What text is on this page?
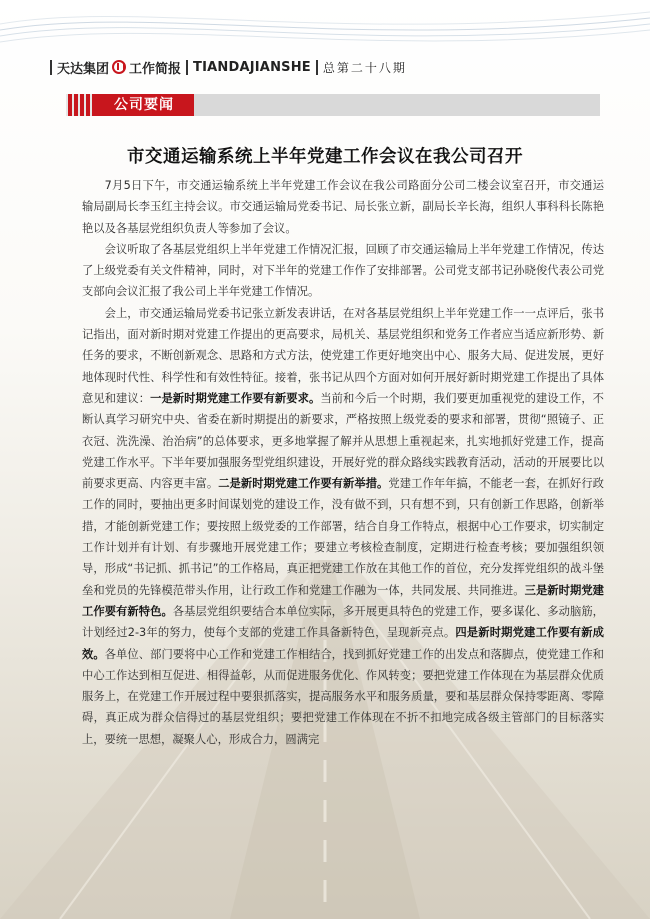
天达集团 工作简报 TIANDAJIANSHE 总第二十八期
公司要闻
市交通运输系统上半年党建工作会议在我公司召开

7月5日下午，市交通运输系统上半年党建工作会议在我公司路面分公司二楼会议室召开，市交通运输局副局长李玉红主持会议。市交通运输局党委书记、局长张立新，副局长辛长海，组织人事科科长陈艳艳以及各基层党组织负责人等参加了会议。

会议听取了各基层党组织上半年党建工作情况汇报，回顾了市交通运输局上半年党建工作情况，传达了上级党委有关文件精神，同时，对下半年的党建工作作了安排部署。公司党支部书记孙晓俊代表公司党支部向会议汇报了我公司上半年党建工作情况。

会上，市交通运输局党委书记张立新发表讲话，在对各基层党组织上半年党建工作一一点评后，张书记指出，面对新时期对党建工作提出的更高要求，局机关、基层党组织和党务工作者应当适应新形势、新任务的要求，不断创新观念、思路和方式方法，使党建工作更好地突出中心、服务大局、促进发展，更好地体现时代性、科学性和有效性特征。接着，张书记从四个方面对如何开展好新时期党建工作提出了具体意见和建议：一是新时期党建工作要有新要求。当前和今后一个时期，我们要更加重视党的建设工作，不断认真学习研究中央、省委在新时期提出的新要求，严格按照上级党委的要求和部署，贯彻“照镜子、正衣冠、洗洗澡、治治病”的总体要求，更多地掌握了解并从思想上重视起来，扎实地抓好党建工作，提高党建工作水平。下半年要加强服务型党组织建设，开展好党的群众路线实践教育活动，活动的开展要比以前要求更高、内容更丰富。二是新时期党建工作要有新举措。党建工作年年搞，不能老一套，在抓好行政工作的同时，要抽出更多时间谋划党的建设工作，没有做不到，只有想不到，只有创新工作思路，创新举措，才能创新党建工作；要按照上级党委的工作部署，结合自身工作特点，根据中心工作要求，切实制定工作计划并有计划、有步骤地开展党建工作；要建立考核检查制度，定期进行检查考核；要加强组织领导，形成“书记抓、抓书记”的工作格局，真正把党建工作放在其他工作的首位，充分发挥党组织的战斗堡垒和党员的先锋模范带头作用，让行政工作和党建工作融为一体，共同发展、共同推进。三是新时期党建工作要有新特色。各基层党组织要结合本单位实际，多开展更具特色的党建工作，要多谋化、多动脑筋，计划经过2-3年的努力，使每个支部的党建工作具备新特色，呈现新亮点。四是新时期党建工作要有新成效。各单位、部门要将中心工作和党建工作相结合，找到抓好党建工作的出发点和落脚点，使党建工作和中心工作达到相互促进、相得益彰，从而促进服务优化、作风转变；要把党建工作体现在为基层群众优质服务上，在党建工作开展过程中要狠抓落实，提高服务水平和服务质量，要和基层群众保持零距离、零障碍，真正成为群众信得过的基层党组织；要把党建工作体现在不折不扣地完成各级主管部门的目标落实上，要统一思想，凝聚人心，形成合力，圆满完
